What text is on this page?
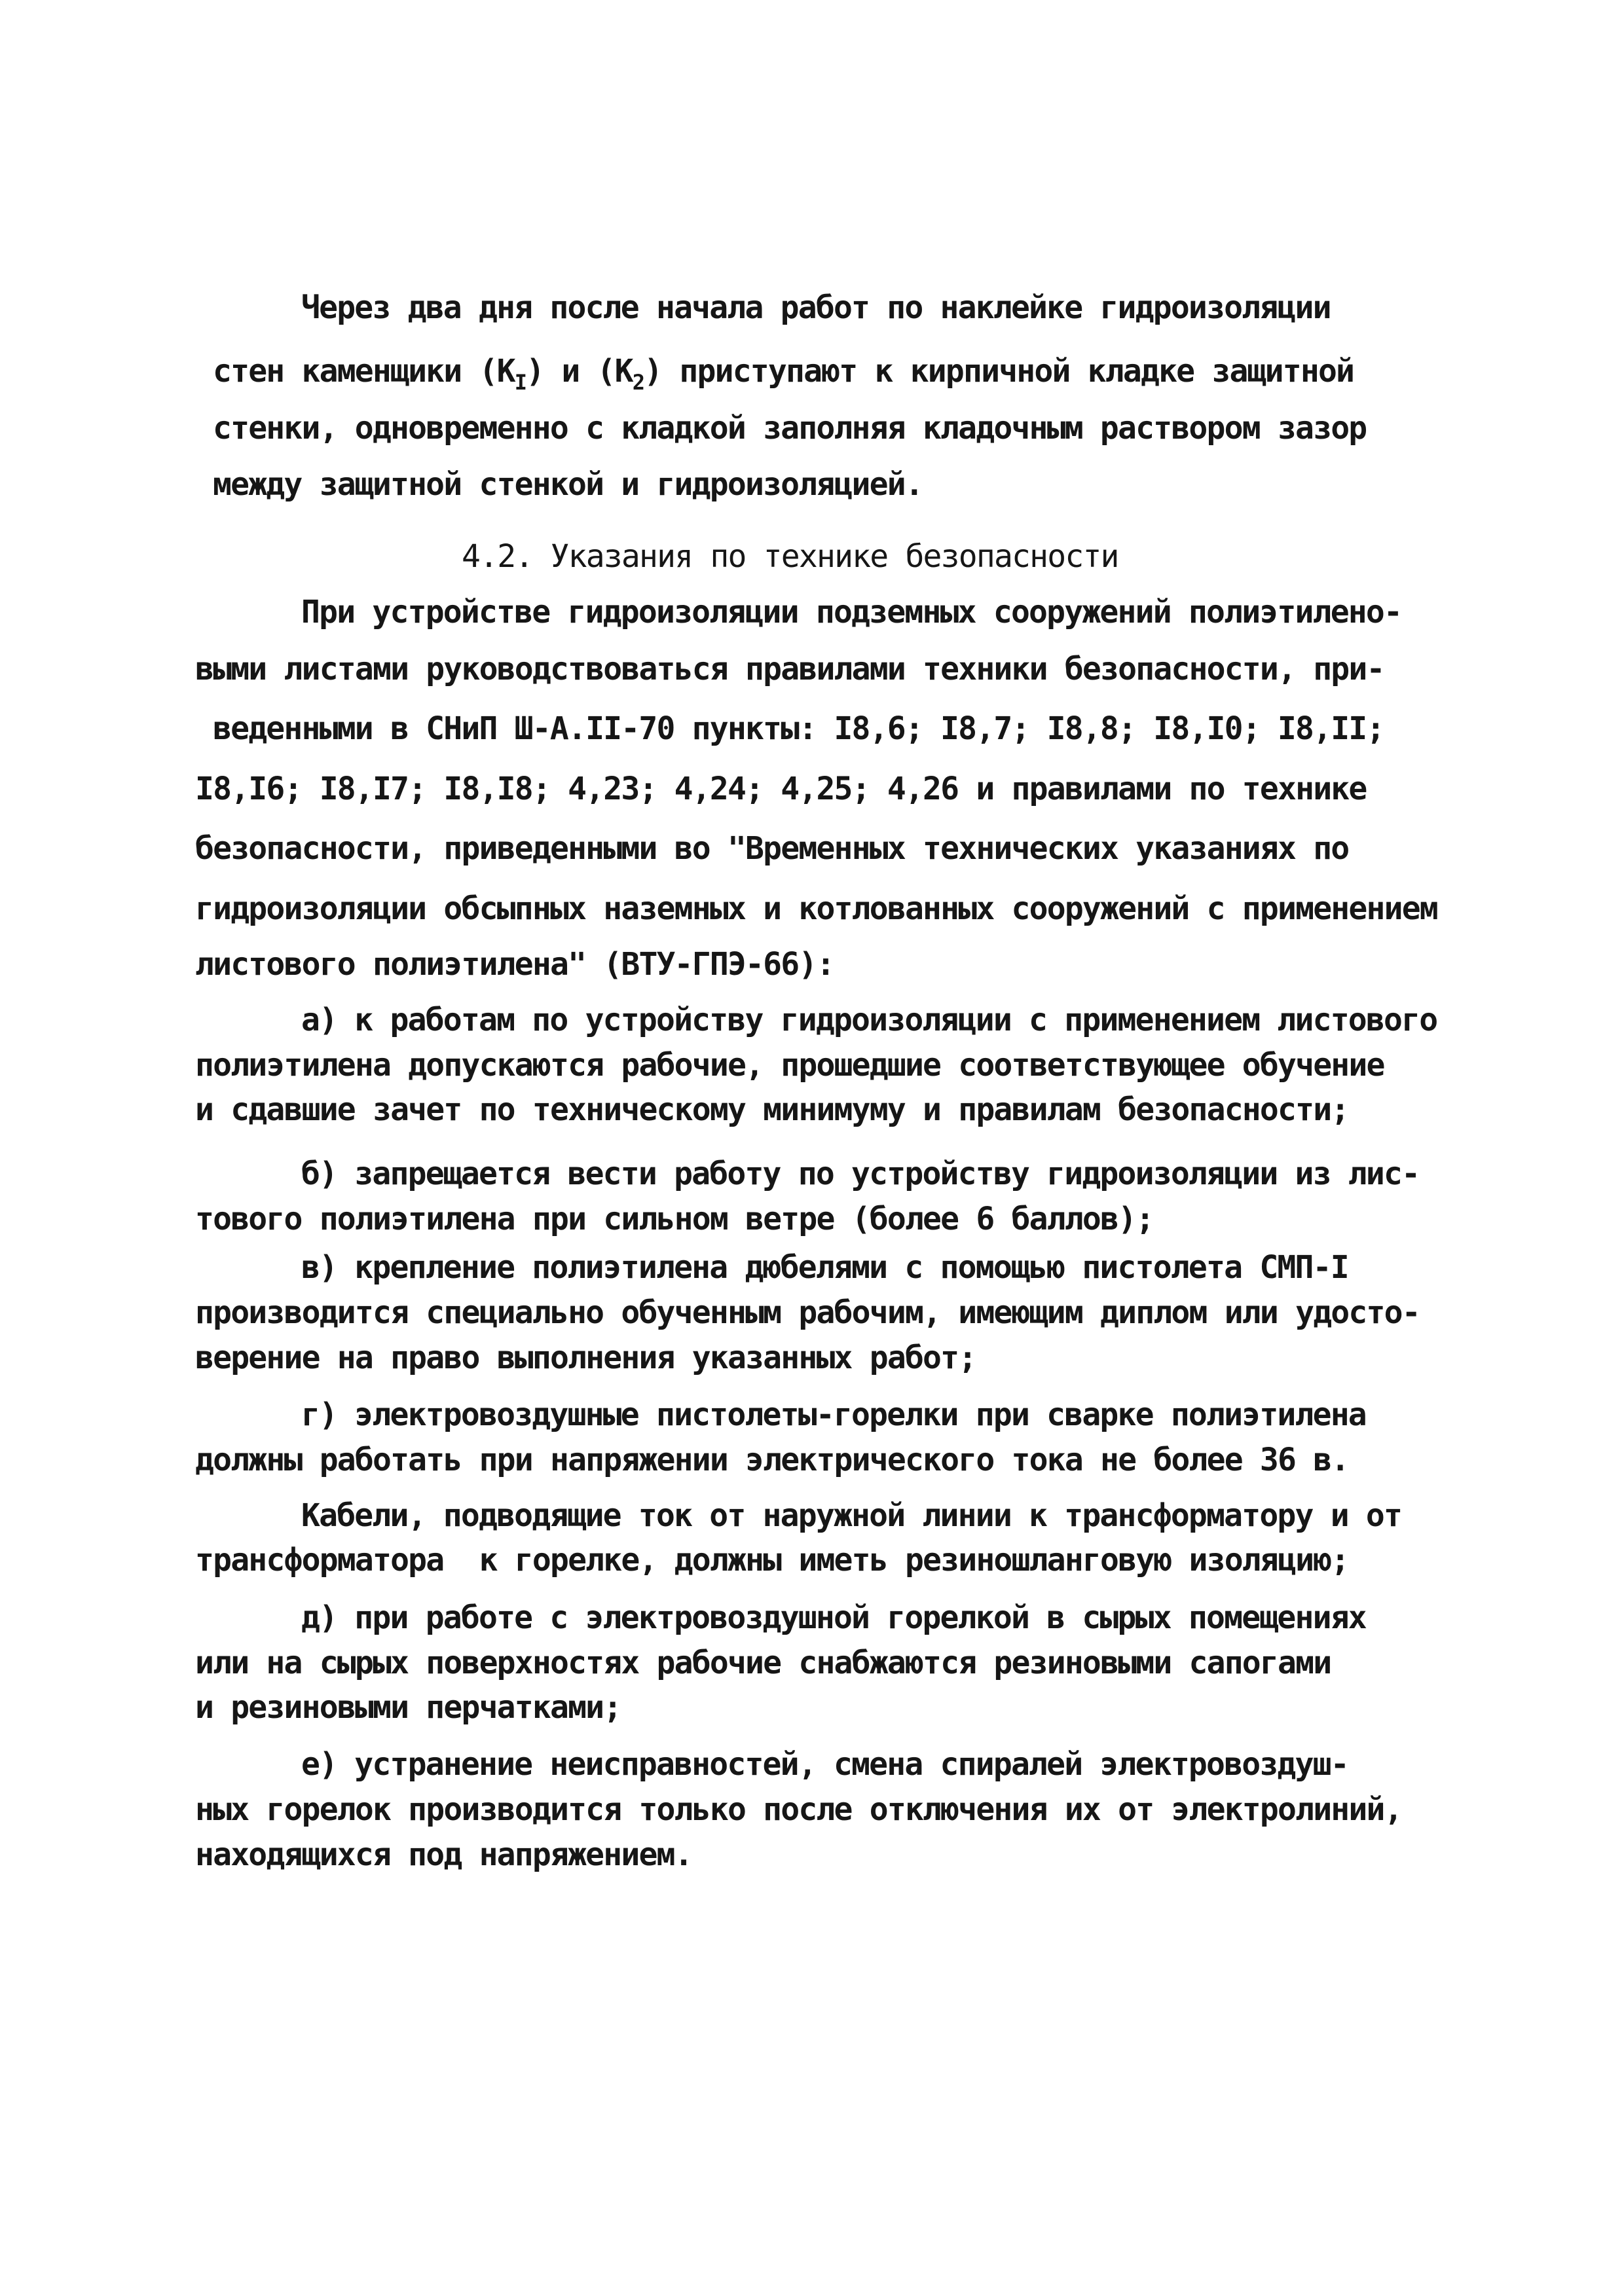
Через два дня после начала работ по наклейке гидроизоляции
стен каменщики $(К_I)$ и $(К_2)$ приступают к кирпичной кладке защитной
стенки, одновременно с кладкой заполняя кладочным раствором зазор
между защитной стенкой и гидроизоляцией.
4.2. Указания по технике безопасности
При устройстве гидроизоляции подземных сооружений полиэтилено-
выми листами руководствоваться правилами техники безопасности, при-
веденными в СНиП Ш-А.II-70 пункты: I8,6; I8,7; I8,8; I8,I0; I8,II;
I8,I6; I8,I7; I8,I8; 4,23; 4,24; 4,25; 4,26 и правилами по технике
безопасности, приведенными во "Временных технических указаниях по
гидроизоляции обсыпных наземных и котлованных сооружений с применением
листового полиэтилена" (ВТУ-ГПЭ-66):
а) к работам по устройству гидроизоляции с применением листового
полиэтилена допускаются рабочие, прошедшие соответствующее обучение
и сдавшие зачет по техническому минимуму и правилам безопасности;
б) запрещается вести работу по устройству гидроизоляции из лис-
тового полиэтилена при сильном ветре (более 6 баллов);
в) крепление полиэтилена дюбелями с помощью пистолета СМП-I
производится специально обученным рабочим, имеющим диплом или удосто-
верение на право выполнения указанных работ;
г) электровоздушные пистолеты-горелки при сварке полиэтилена
должны работать при напряжении электрического тока не более 36 в.
Кабели, подводящие ток от наружной линии к трансформатору и от
трансформатора  к горелке, должны иметь резиношланговую изоляцию;
д) при работе с электровоздушной горелкой в сырых помещениях
или на сырых поверхностях рабочие снабжаются резиновыми сапогами
и резиновыми перчатками;
е) устранение неисправностей, смена спиралей электровоздуш-
ных горелок производится только после отключения их от электролиний,
находящихся под напряжением.
